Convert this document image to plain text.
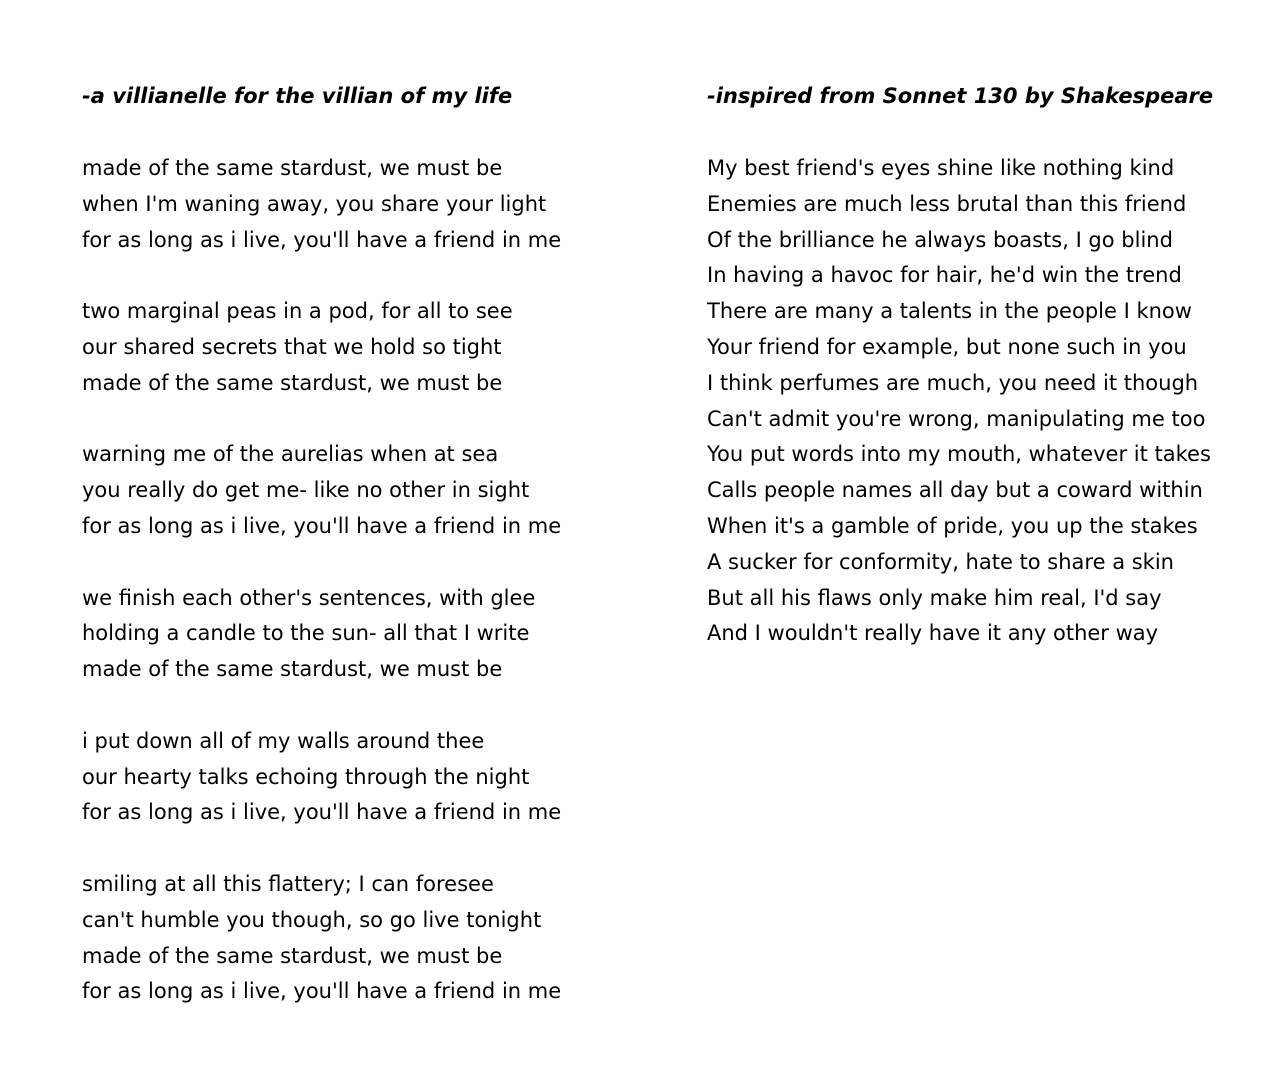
-a villianelle for the villian of my life
made of the same stardust, we must be
when I'm waning away, you share your light
for as long as i live, you'll have a friend in me
two marginal peas in a pod, for all to see
our shared secrets that we hold so tight
made of the same stardust, we must be
warning me of the aurelias when at sea
you really do get me- like no other in sight
for as long as i live, you'll have a friend in me
we finish each other's sentences, with glee
holding a candle to the sun- all that I write
made of the same stardust, we must be
i put down all of my walls around thee
our hearty talks echoing through the night
for as long as i live, you'll have a friend in me
smiling at all this flattery; I can foresee
can't humble you though, so go live tonight
made of the same stardust, we must be
for as long as i live, you'll have a friend in me
-inspired from Sonnet 130 by Shakespeare
My best friend's eyes shine like nothing kind
Enemies are much less brutal than this friend
Of the brilliance he always boasts, I go blind
In having a havoc for hair, he'd win the trend
There are many a talents in the people I know
Your friend for example, but none such in you
I think perfumes are much, you need it though
Can't admit you're wrong, manipulating me too
You put words into my mouth, whatever it takes
Calls people names all day but a coward within
When it's a gamble of pride, you up the stakes
A sucker for conformity, hate to share a skin
But all his flaws only make him real, I'd say
And I wouldn't really have it any other way
